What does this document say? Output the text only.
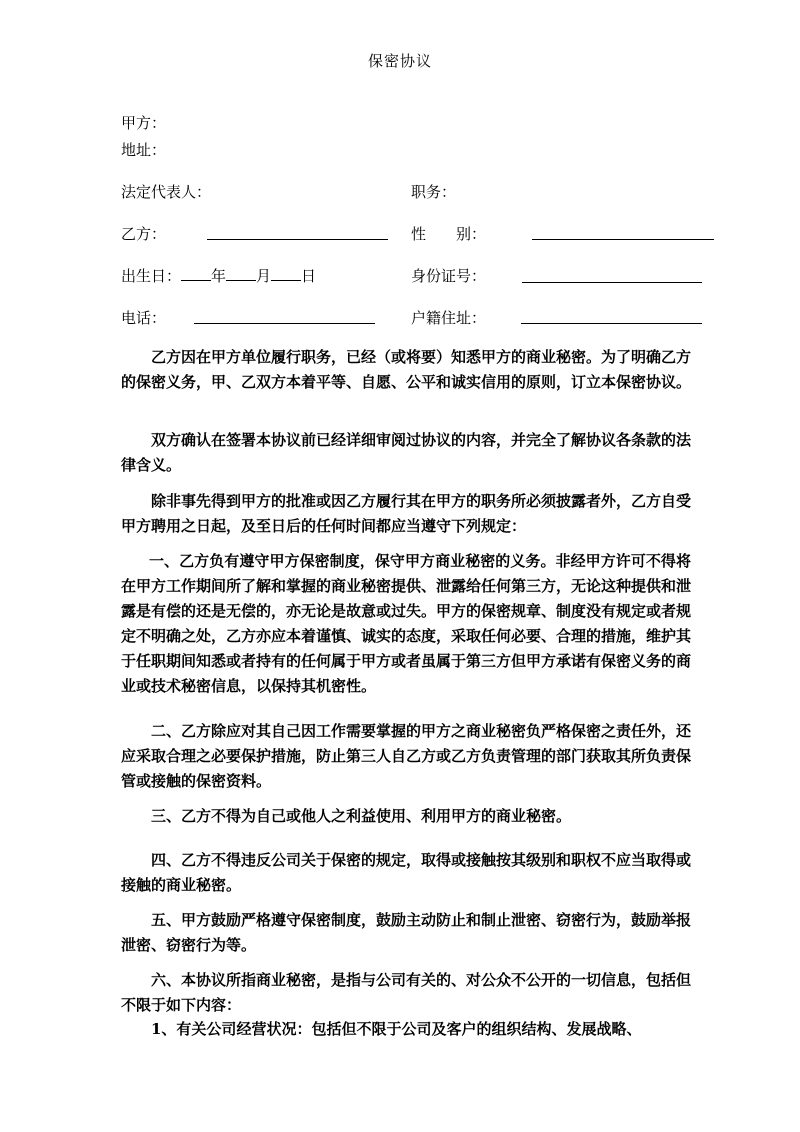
保密协议
甲方：
地址：
法定代表人：	职务：
乙方：	性　　别：
出生日： 年 月 日	身份证号：
电话：	户籍住址：

乙方因在甲方单位履行职务，已经（或将要）知悉甲方的商业秘密。为了明确乙方的保密义务，甲、乙双方本着平等、自愿、公平和诚实信用的原则，订立本保密协议。

双方确认在签署本协议前已经详细审阅过协议的内容，并完全了解协议各条款的法律含义。

除非事先得到甲方的批准或因乙方履行其在甲方的职务所必须披露者外，乙方自受甲方聘用之日起，及至日后的任何时间都应当遵守下列规定：

一、乙方负有遵守甲方保密制度，保守甲方商业秘密的义务。非经甲方许可不得将在甲方工作期间所了解和掌握的商业秘密提供、泄露给任何第三方，无论这种提供和泄露是有偿的还是无偿的，亦无论是故意或过失。甲方的保密规章、制度没有规定或者规定不明确之处，乙方亦应本着谨慎、诚实的态度，采取任何必要、合理的措施，维护其于任职期间知悉或者持有的任何属于甲方或者虽属于第三方但甲方承诺有保密义务的商业或技术秘密信息，以保持其机密性。

二、乙方除应对其自己因工作需要掌握的甲方之商业秘密负严格保密之责任外，还应采取合理之必要保护措施，防止第三人自乙方或乙方负责管理的部门获取其所负责保管或接触的保密资料。

三、乙方不得为自己或他人之利益使用、利用甲方的商业秘密。

四、乙方不得违反公司关于保密的规定，取得或接触按其级别和职权不应当取得或接触的商业秘密。

五、甲方鼓励严格遵守保密制度，鼓励主动防止和制止泄密、窃密行为，鼓励举报泄密、窃密行为等。

六、本协议所指商业秘密，是指与公司有关的、对公众不公开的一切信息，包括但不限于如下内容：

1、有关公司经营状况：包括但不限于公司及客户的组织结构、发展战略、
